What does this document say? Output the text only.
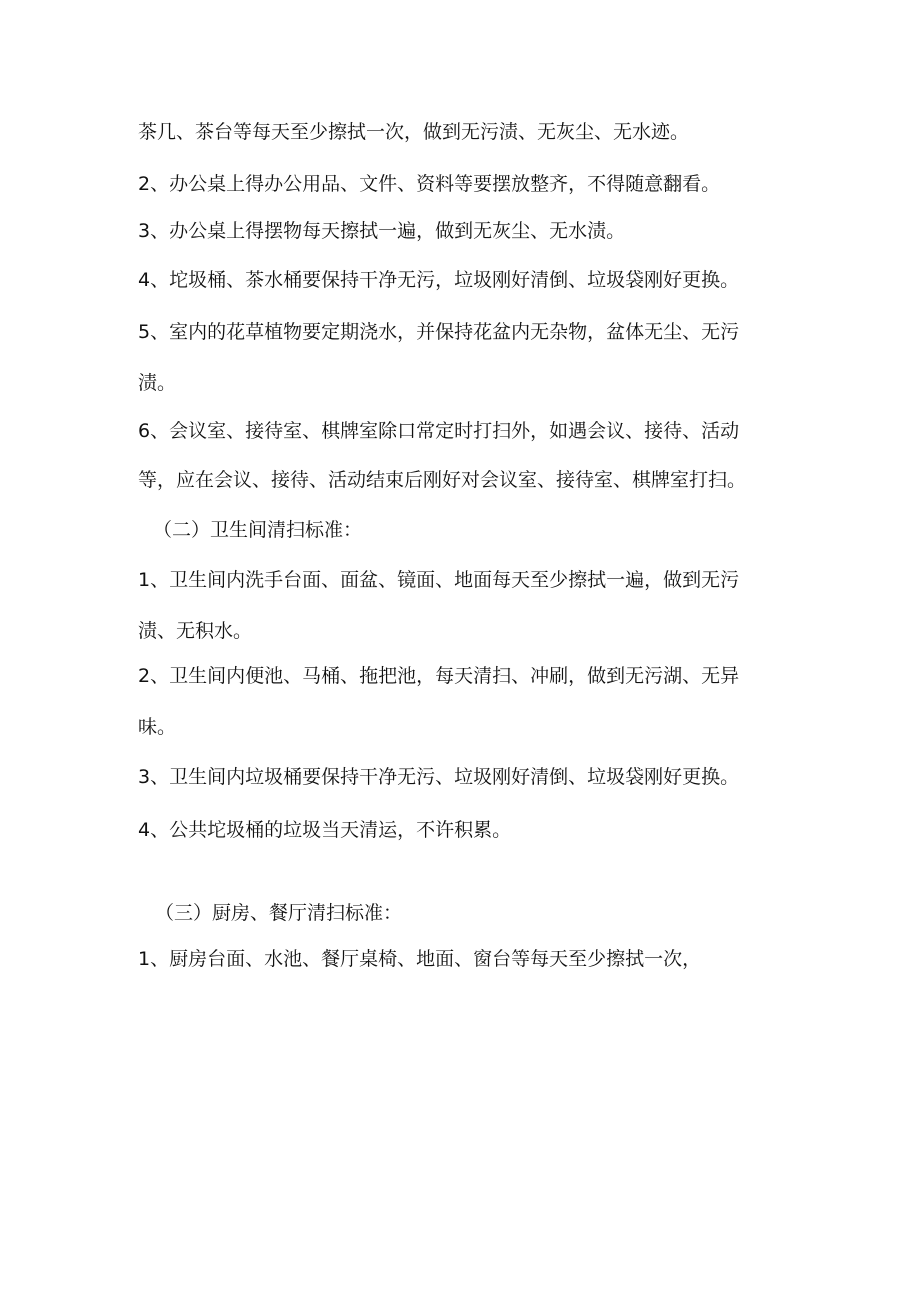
茶几、茶台等每天至少擦拭一次，做到无污渍、无灰尘、无水迹。
2、办公桌上得办公用品、文件、资料等要摆放整齐，不得随意翻看。
3、办公桌上得摆物每天擦拭一遍，做到无灰尘、无水渍。
4、坨圾桶、茶水桶要保持干净无污，垃圾刚好清倒、垃圾袋刚好更换。
5、室内的花草植物要定期浇水，并保持花盆内无杂物，盆体无尘、无污
渍。
6、会议室、接待室、棋牌室除口常定时打扫外，如遇会议、接待、活动
等，应在会议、接待、活动结束后刚好对会议室、接待室、棋牌室打扫。
（二）卫生间清扫标准：
1、卫生间内洗手台面、面盆、镜面、地面每天至少擦拭一遍，做到无污
渍、无积水。
2、卫生间内便池、马桶、拖把池，每天清扫、冲刷，做到无污湖、无异
味。
3、卫生间内垃圾桶要保持干净无污、垃圾刚好清倒、垃圾袋刚好更换。
4、公共坨圾桶的垃圾当天清运，不许积累。
（三）厨房、餐厅清扫标准：
1、厨房台面、水池、餐厅桌椅、地面、窗台等每天至少擦拭一次，
